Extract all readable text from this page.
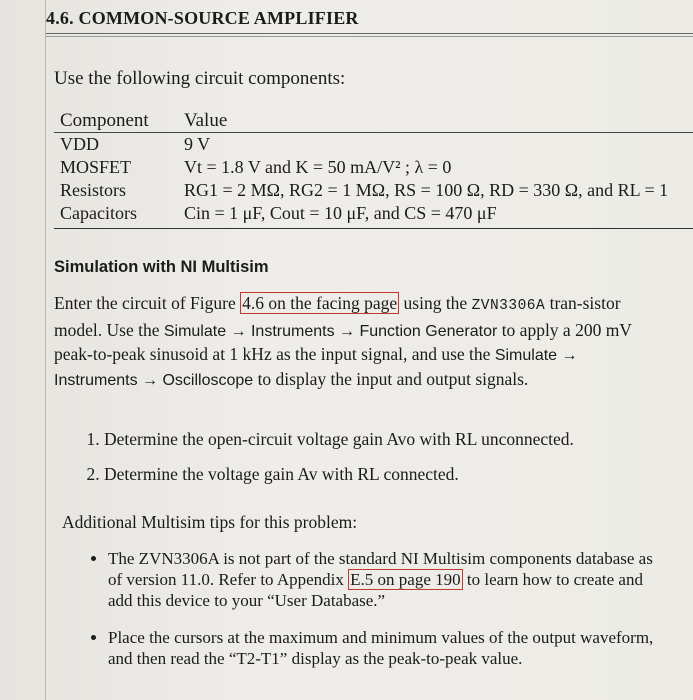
4.6. COMMON-SOURCE AMPLIFIER
Use the following circuit components:
Component	Value
VDD	9 V
MOSFET	Vt = 1.8 V and K = 50 mA/V² ; λ = 0
Resistors	RG1 = 2 MΩ, RG2 = 1 MΩ, RS = 100 Ω, RD = 330 Ω, and RL = 1
Capacitors	Cin = 1 μF, Cout = 10 μF, and CS = 470 μF
Simulation with NI Multisim
Enter the circuit of Figure 4.6 on the facing page using the ZVN3306A tran-sistor model. Use the Simulate → Instruments → Function Generator to apply a 200 mV peak-to-peak sinusoid at 1 kHz as the input signal, and use the Simulate → Instruments → Oscilloscope to display the input and output signals.
1. Determine the open-circuit voltage gain Avo with RL unconnected.
2. Determine the voltage gain Av with RL connected.
Additional Multisim tips for this problem:
• The ZVN3306A is not part of the standard NI Multisim components database as of version 11.0. Refer to Appendix E.5 on page 190 to learn how to create and add this device to your “User Database.”
• Place the cursors at the maximum and minimum values of the output waveform, and then read the “T2-T1” display as the peak-to-peak value.
